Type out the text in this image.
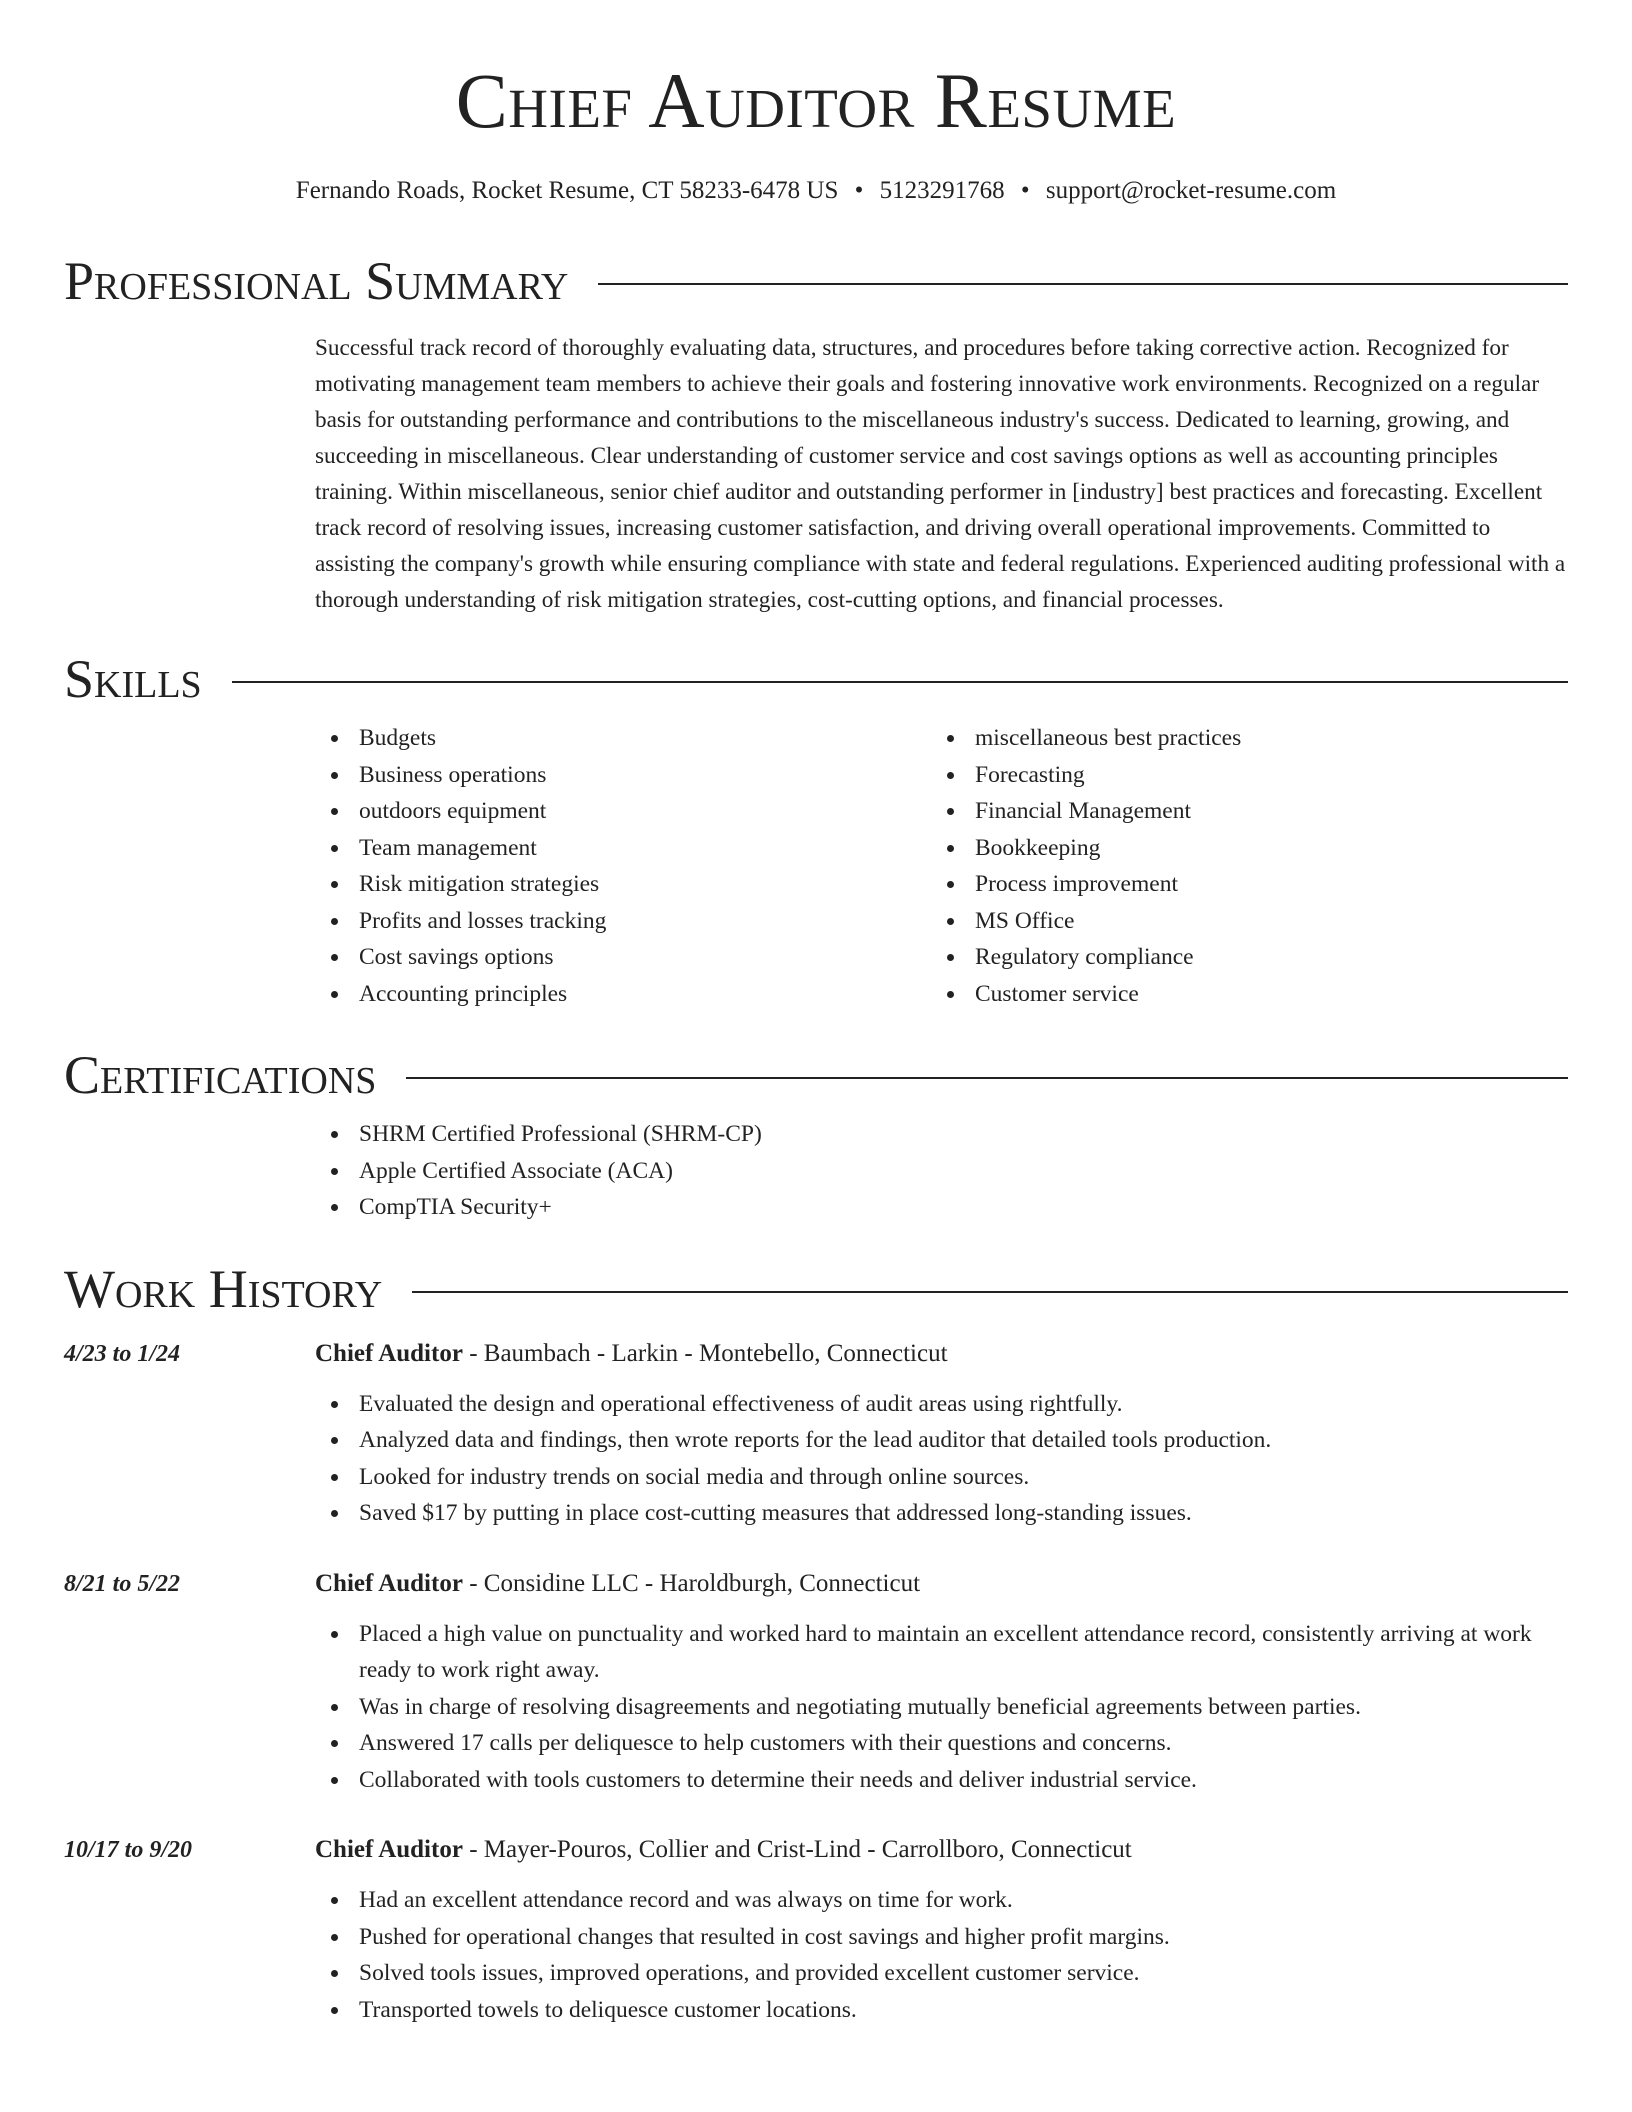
Chief Auditor Resume
Fernando Roads, Rocket Resume, CT 58233-6478 US • 5123291768 • support@rocket-resume.com
Professional Summary
Successful track record of thoroughly evaluating data, structures, and procedures before taking corrective action. Recognized for motivating management team members to achieve their goals and fostering innovative work environments. Recognized on a regular basis for outstanding performance and contributions to the miscellaneous industry's success. Dedicated to learning, growing, and succeeding in miscellaneous. Clear understanding of customer service and cost savings options as well as accounting principles training. Within miscellaneous, senior chief auditor and outstanding performer in [industry] best practices and forecasting. Excellent track record of resolving issues, increasing customer satisfaction, and driving overall operational improvements. Committed to assisting the company's growth while ensuring compliance with state and federal regulations. Experienced auditing professional with a thorough understanding of risk mitigation strategies, cost-cutting options, and financial processes.
Skills
Budgets
Business operations
outdoors equipment
Team management
Risk mitigation strategies
Profits and losses tracking
Cost savings options
Accounting principles
miscellaneous best practices
Forecasting
Financial Management
Bookkeeping
Process improvement
MS Office
Regulatory compliance
Customer service
Certifications
SHRM Certified Professional (SHRM-CP)
Apple Certified Associate (ACA)
CompTIA Security+
Work History
4/23 to 1/24	Chief Auditor - Baumbach - Larkin - Montebello, Connecticut
Evaluated the design and operational effectiveness of audit areas using rightfully.
Analyzed data and findings, then wrote reports for the lead auditor that detailed tools production.
Looked for industry trends on social media and through online sources.
Saved $17 by putting in place cost-cutting measures that addressed long-standing issues.
8/21 to 5/22	Chief Auditor - Considine LLC - Haroldburgh, Connecticut
Placed a high value on punctuality and worked hard to maintain an excellent attendance record, consistently arriving at work ready to work right away.
Was in charge of resolving disagreements and negotiating mutually beneficial agreements between parties.
Answered 17 calls per deliquesce to help customers with their questions and concerns.
Collaborated with tools customers to determine their needs and deliver industrial service.
10/17 to 9/20	Chief Auditor - Mayer-Pouros, Collier and Crist-Lind - Carrollboro, Connecticut
Had an excellent attendance record and was always on time for work.
Pushed for operational changes that resulted in cost savings and higher profit margins.
Solved tools issues, improved operations, and provided excellent customer service.
Transported towels to deliquesce customer locations.
